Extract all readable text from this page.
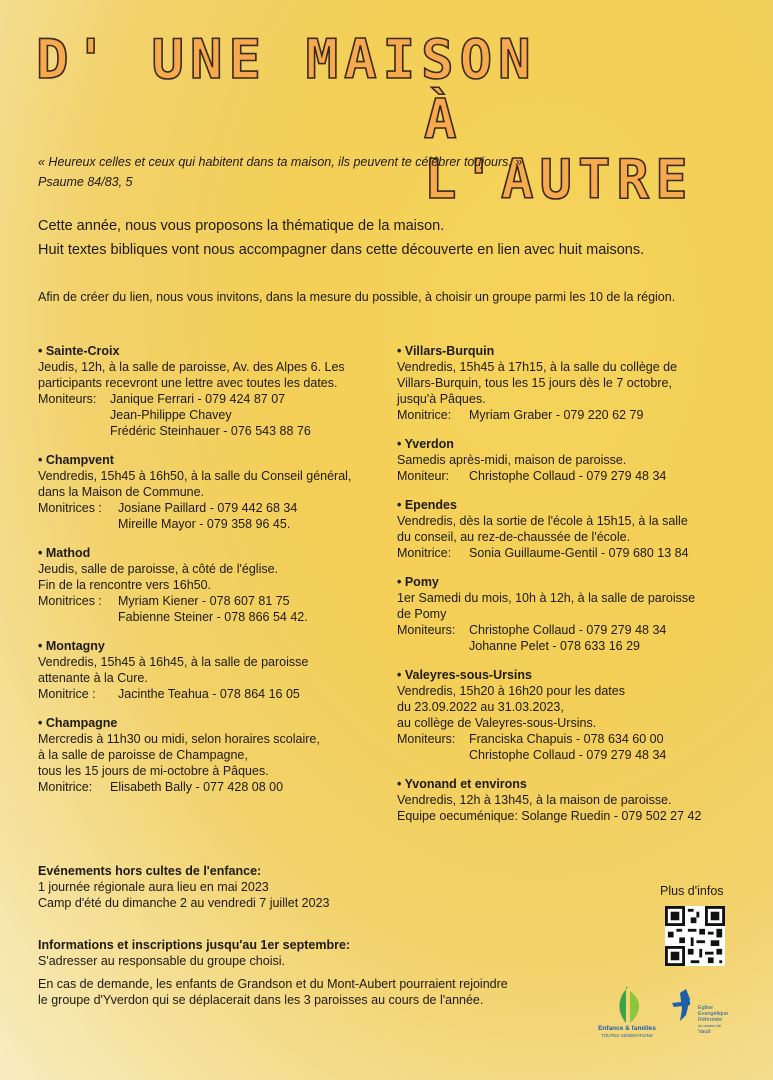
D' UNE MAISON
À L'AUTRE
« Heureux celles et ceux qui habitent dans ta maison, ils peuvent te célébrer toujours. »
Psaume 84/83, 5
Cette année, nous vous proposons la thématique de la maison.
Huit textes bibliques vont nous accompagner dans cette découverte en lien avec huit maisons.
Afin de créer du lien, nous vous invitons, dans la mesure du possible, à choisir un groupe parmi les 10 de la région.
• Sainte-Croix
Jeudis, 12h, à la salle de paroisse, Av. des Alpes 6. Les
participants recevront une lettre avec toutes les dates.
Moniteurs:	Janique Ferrari - 079 424 87 07
Jean-Philippe Chavey
Frédéric Steinhauer - 076 543 88 76
• Champvent
Vendredis, 15h45 à 16h50, à la salle du Conseil général,
dans la Maison de Commune.
Monitrices :	Josiane Paillard - 079 442 68 34
Mireille Mayor - 079 358 96 45.
• Mathod
Jeudis, salle de paroisse, à côté de l'église.
Fin de la rencontre vers 16h50.
Monitrices :	Myriam Kiener - 078 607 81 75
Fabienne Steiner - 078 866 54 42.
• Montagny
Vendredis, 15h45 à 16h45, à la salle de paroisse
attenante à la Cure.
Monitrice :	Jacinthe Teahua - 078 864 16 05
• Champagne
Mercredis à 11h30 ou midi, selon horaires scolaire,
à la salle de paroisse de Champagne,
tous les 15 jours de mi-octobre à Pâques.
Monitrice:	Elisabeth Bally - 077 428 08 00
• Villars-Burquin
Vendredis, 15h45 à 17h15, à la salle du collège de
Villars-Burquin, tous les 15 jours dès le 7 octobre,
jusqu'à Pâques.
Monitrice:	Myriam Graber - 079 220 62 79
• Yverdon
Samedis après-midi, maison de paroisse.
Moniteur:	Christophe Collaud - 079 279 48 34
• Ependes
Vendredis, dès la sortie de l'école à 15h15, à la salle
du conseil, au rez-de-chaussée de l'école.
Monitrice:	Sonia Guillaume-Gentil - 079 680 13 84
• Pomy
1er Samedi du mois, 10h à 12h, à la salle de paroisse
de Pomy
Moniteurs:	Christophe Collaud - 079 279 48 34
Johanne Pelet - 078 633 16 29
• Valeyres-sous-Ursins
Vendredis, 15h20 à 16h20 pour les dates
du 23.09.2022 au 31.03.2023,
au collège de Valeyres-sous-Ursins.
Moniteurs:	Franciska Chapuis - 078 634 60 00
Christophe Collaud - 079 279 48 34
• Yvonand et environs
Vendredis, 12h à 13h45, à la maison de paroisse.
Equipe oecuménique: Solange Ruedin - 079 502 27 42
Evénements hors cultes de l'enfance:
1 journée régionale aura lieu en mai 2023
Camp d'été du dimanche 2 au vendredi 7 juillet 2023
Informations et inscriptions jusqu'au 1er septembre:
S'adresser au responsable du groupe choisi.
En cas de demande, les enfants de Grandson et du Mont-Aubert pourraient rejoindre le groupe d'Yverdon qui se déplacerait dans les 3 paroisses au cours de l'année.
Plus d'infos
Enfance & familles
TOUTES GÉNÉRATIONS
Eglise
Evangélique
Réformée
du canton de
Vaud
